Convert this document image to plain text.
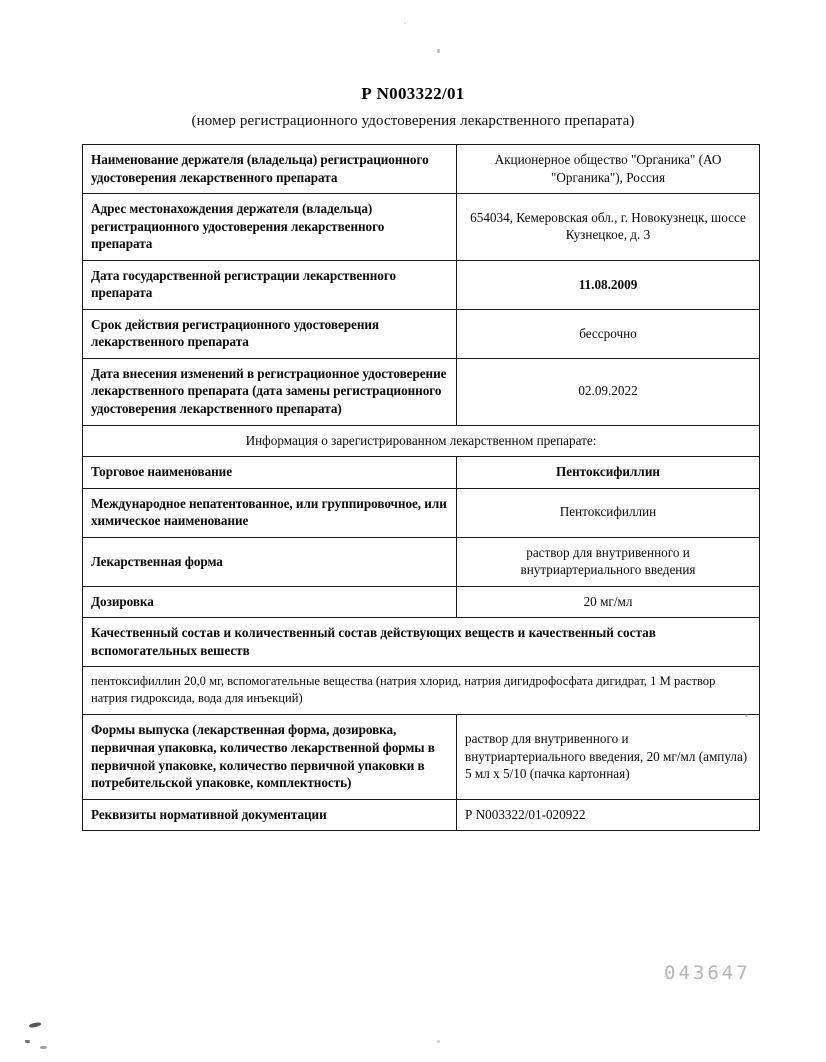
Р N003322/01
(номер регистрационного удостоверения лекарственного препарата)
Наименование держателя (владельца) регистрационного удостоверения лекарственного препарата	Акционерное общество "Органика" (АО "Органика"), Россия
Адрес местонахождения держателя (владельца) регистрационного удостоверения лекарственного препарата	654034, Кемеровская обл., г. Новокузнецк, шоссе Кузнецкое, д. 3
Дата государственной регистрации лекарственного препарата	11.08.2009
Срок действия регистрационного удостоверения лекарственного препарата	бессрочно
Дата внесения изменений в регистрационное удостоверение лекарственного препарата (дата замены регистрационного удостоверения лекарственного препарата)	02.09.2022
Информация о зарегистрированном лекарственном препарате:	
Торговое наименование	Пентоксифиллин
Международное непатентованное, или группировочное, или химическое наименование	Пентоксифиллин
Лекарственная форма	раствор для внутривенного и внутриартериального введения
Дозировка	20 мг/мл
Качественный состав и количественный состав действующих веществ и качественный состав вспомогательных вешеств	
пентоксифиллин 20,0 мг, вспомогательные вещества (натрия хлорид, натрия дигидрофосфата дигидрат, 1 М раствор натрия гидроксида, вода для инъекций)	
Формы выпуска (лекарственная форма, дозировка, первичная упаковка, количество лекарственной формы в первичной упаковке, количество первичной упаковки в потребительской упаковке, комплектность)	раствор для внутривенного и внутриартериального введения, 20 мг/мл (ампула) 5 мл х 5/10 (пачка картонная)
Реквизиты нормативной документации	Р N003322/01-020922
043647
